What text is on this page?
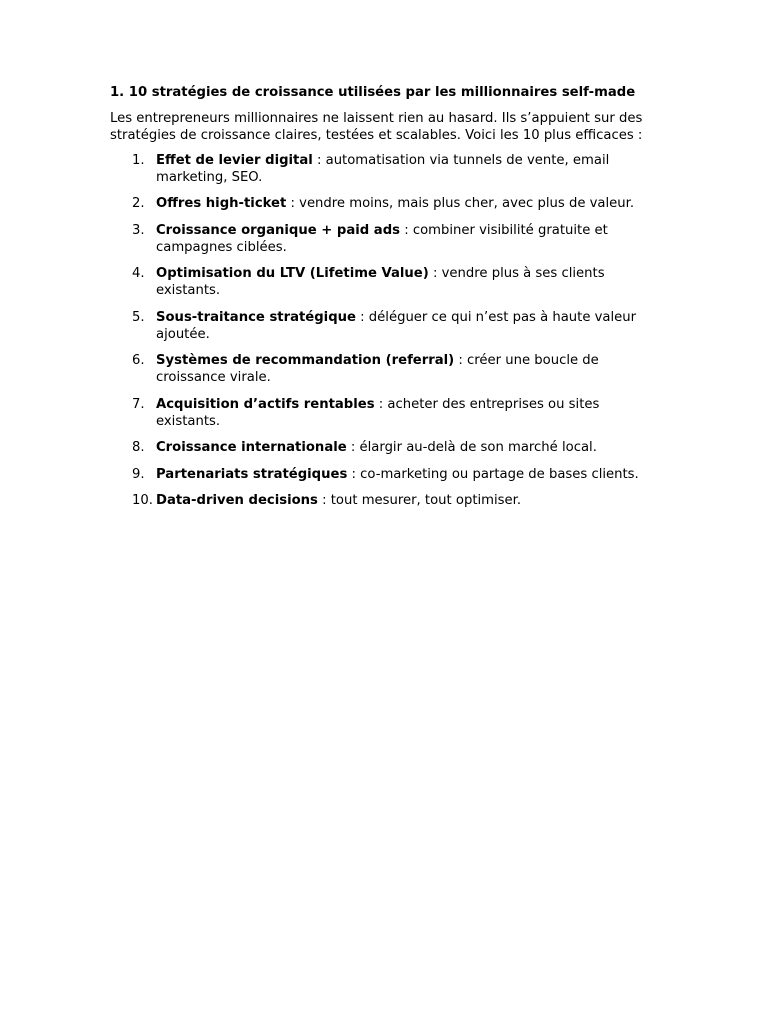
1. 10 stratégies de croissance utilisées par les millionnaires self-made
Les entrepreneurs millionnaires ne laissent rien au hasard. Ils s’appuient sur des stratégies de croissance claires, testées et scalables. Voici les 10 plus efficaces :
1. Effet de levier digital : automatisation via tunnels de vente, email marketing, SEO.
2. Offres high-ticket : vendre moins, mais plus cher, avec plus de valeur.
3. Croissance organique + paid ads : combiner visibilité gratuite et campagnes ciblées.
4. Optimisation du LTV (Lifetime Value) : vendre plus à ses clients existants.
5. Sous-traitance stratégique : déléguer ce qui n’est pas à haute valeur ajoutée.
6. Systèmes de recommandation (referral) : créer une boucle de croissance virale.
7. Acquisition d’actifs rentables : acheter des entreprises ou sites existants.
8. Croissance internationale : élargir au-delà de son marché local.
9. Partenariats stratégiques : co-marketing ou partage de bases clients.
10. Data-driven decisions : tout mesurer, tout optimiser.
